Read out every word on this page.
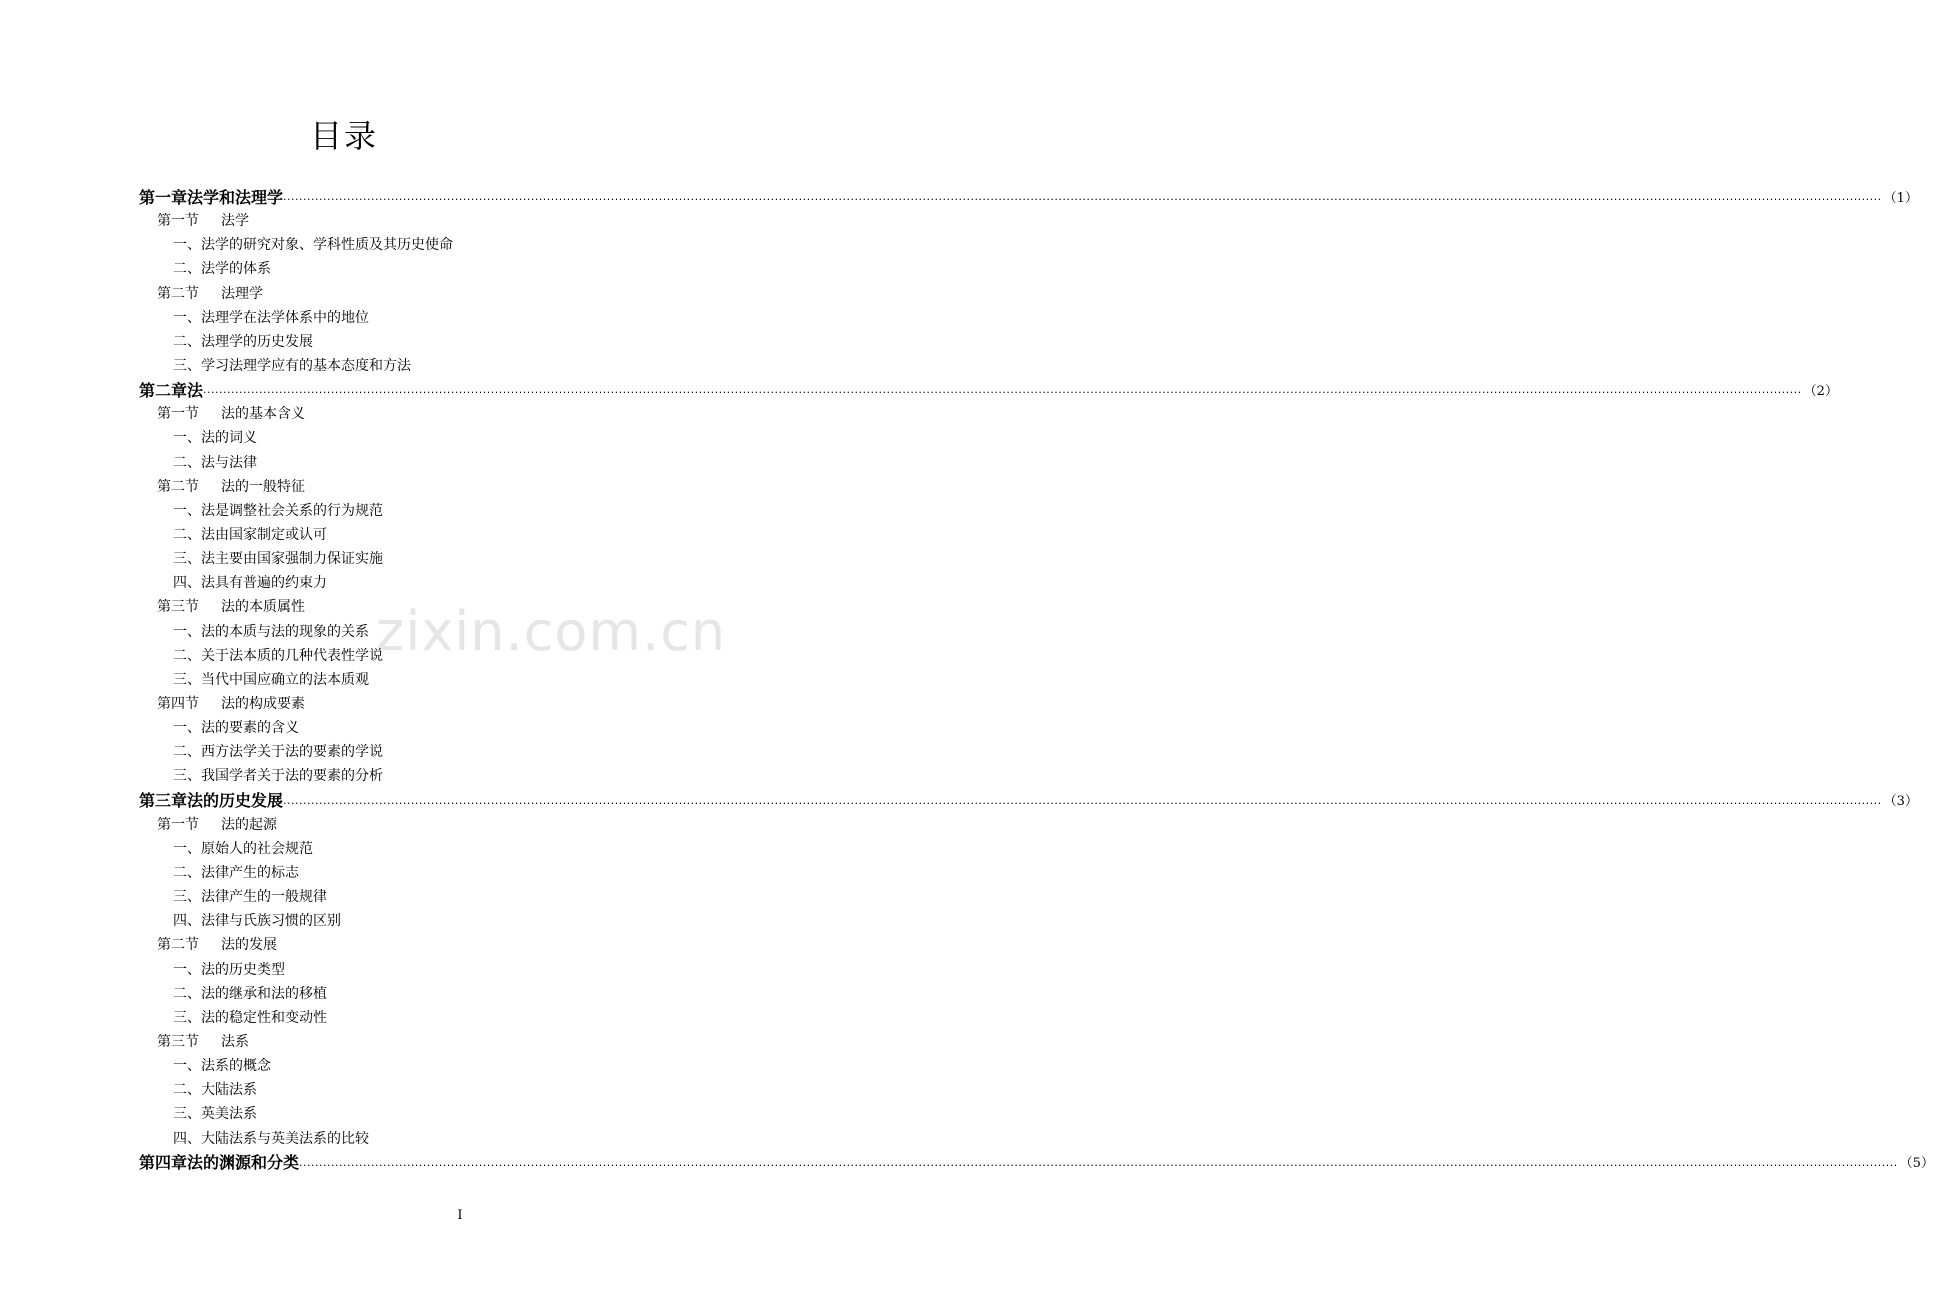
zixin.com.cn
目录
第一章 法学和法理学 ................................................................................................................................................................................................................................................................................................................................................................................................................ （1）
第一节	法学
一、法学的研究对象、学科性质及其历史使命
二、法学的体系
第二节	法理学
一、法理学在法学体系中的地位
二、法理学的历史发展
三、学习法理学应有的基本态度和方法
第二章 法 ................................................................................................................................................................................................................................................................................................................................................................................................................ （2）
第一节	法的基本含义
一、法的词义
二、法与法律
第二节	法的一般特征
一、法是调整社会关系的行为规范
二、法由国家制定或认可
三、法主要由国家强制力保证实施
四、法具有普遍的约束力
第三节	法的本质属性
一、法的本质与法的现象的关系
二、关于法本质的几种代表性学说
三、当代中国应确立的法本质观
第四节	法的构成要素
一、法的要素的含义
二、西方法学关于法的要素的学说
三、我国学者关于法的要素的分析
第三章 法的历史发展 ................................................................................................................................................................................................................................................................................................................................................................................................................ （3）
第一节	法的起源
一、原始人的社会规范
二、法律产生的标志
三、法律产生的一般规律
四、法律与氏族习惯的区别
第二节	法的发展
一、法的历史类型
二、法的继承和法的移植
三、法的稳定性和变动性
第三节	法系
一、法系的概念
二、大陆法系
三、英美法系
四、大陆法系与英美法系的比较
第四章 法的渊源和分类 ................................................................................................................................................................................................................................................................................................................................................................................................................ （5）
I
